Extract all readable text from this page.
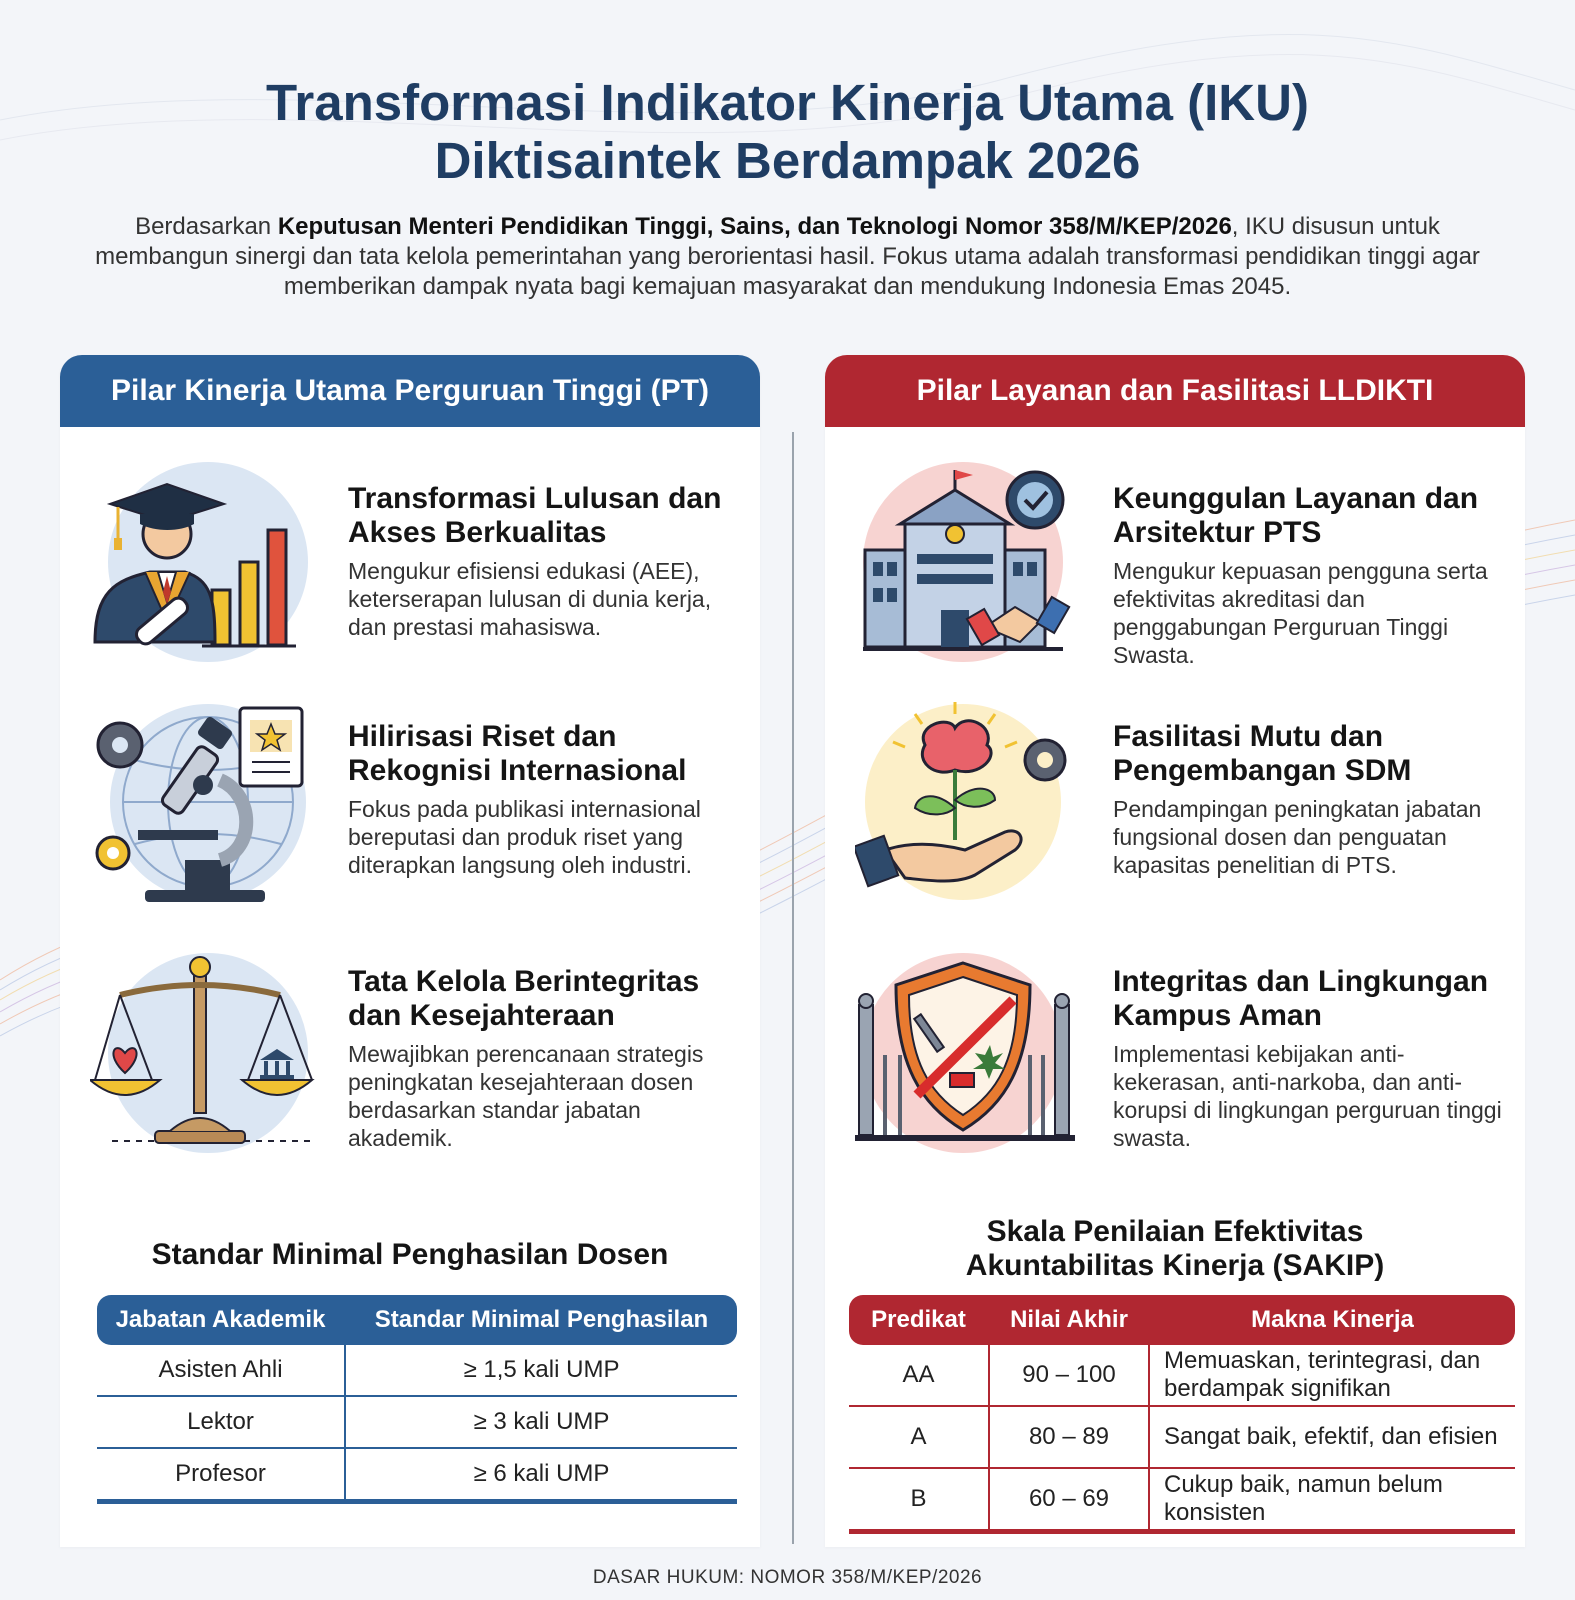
Transformasi Indikator Kinerja Utama (IKU)
Diktisaintek Berdampak 2026

Berdasarkan Keputusan Menteri Pendidikan Tinggi, Sains, dan Teknologi Nomor 358/M/KEP/2026, IKU disusun untuk membangun sinergi dan tata kelola pemerintahan yang berorientasi hasil. Fokus utama adalah transformasi pendidikan tinggi agar memberikan dampak nyata bagi kemajuan masyarakat dan mendukung Indonesia Emas 2045.

Pilar Kinerja Utama Perguruan Tinggi (PT)
Transformasi Lulusan dan Akses Berkualitas

Mengukur efisiensi edukasi (AEE), keterserapan lulusan di dunia kerja, dan prestasi mahasiswa.

Hilirisasi Riset dan Rekognisi Internasional

Fokus pada publikasi internasional bereputasi dan produk riset yang diterapkan langsung oleh industri.

Tata Kelola Berintegritas dan Kesejahteraan

Mewajibkan perencanaan strategis peningkatan kesejahteraan dosen berdasarkan standar jabatan akademik.

Standar Minimal Penghasilan Dosen
Jabatan Akademik	Standar Minimal Penghasilan
Asisten Ahli	≥ 1,5 kali UMP
Lektor	≥ 3 kali UMP
Profesor	≥ 6 kali UMP
Pilar Layanan dan Fasilitasi LLDIKTI
Keunggulan Layanan dan Arsitektur PTS

Mengukur kepuasan pengguna serta efektivitas akreditasi dan penggabungan Perguruan Tinggi Swasta.

Fasilitasi Mutu dan Pengembangan SDM

Pendampingan peningkatan jabatan fungsional dosen dan penguatan kapasitas penelitian di PTS.

Integritas dan Lingkungan Kampus Aman

Implementasi kebijakan anti-kekerasan, anti-narkoba, dan anti-korupsi di lingkungan perguruan tinggi swasta.

Skala Penilaian Efektivitas
Akuntabilitas Kinerja (SAKIP)
Predikat	Nilai Akhir	Makna Kinerja
AA	90 – 100	Memuaskan, terintegrasi, dan berdampak signifikan
A	80 – 89	Sangat baik, efektif, dan efisien
B	60 – 69	Cukup baik, namun belum konsisten

DASAR HUKUM: NOMOR 358/M/KEP/2026
